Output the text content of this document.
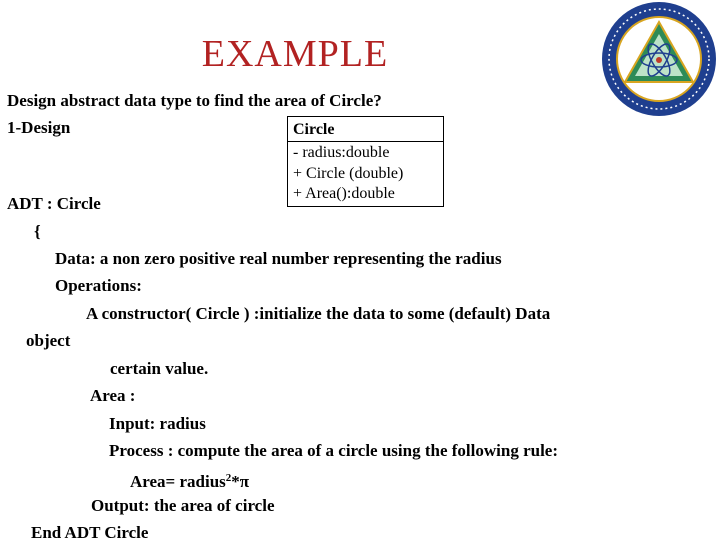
EXAMPLE
Design abstract data type to find the area of Circle?
1-Design	Circle
- radius:double
+ Circle (double)
+ Area():double
ADT : Circle
{
Data: a non zero positive real number representing the radius
Operations:
A constructor( Circle ) :initialize the data to some (default) Data
object
certain value.
Area :
Input: radius
Process : compute the area of a circle using the following rule:
Area= radius$^2$*π
Output: the area of circle
End ADT Circle
